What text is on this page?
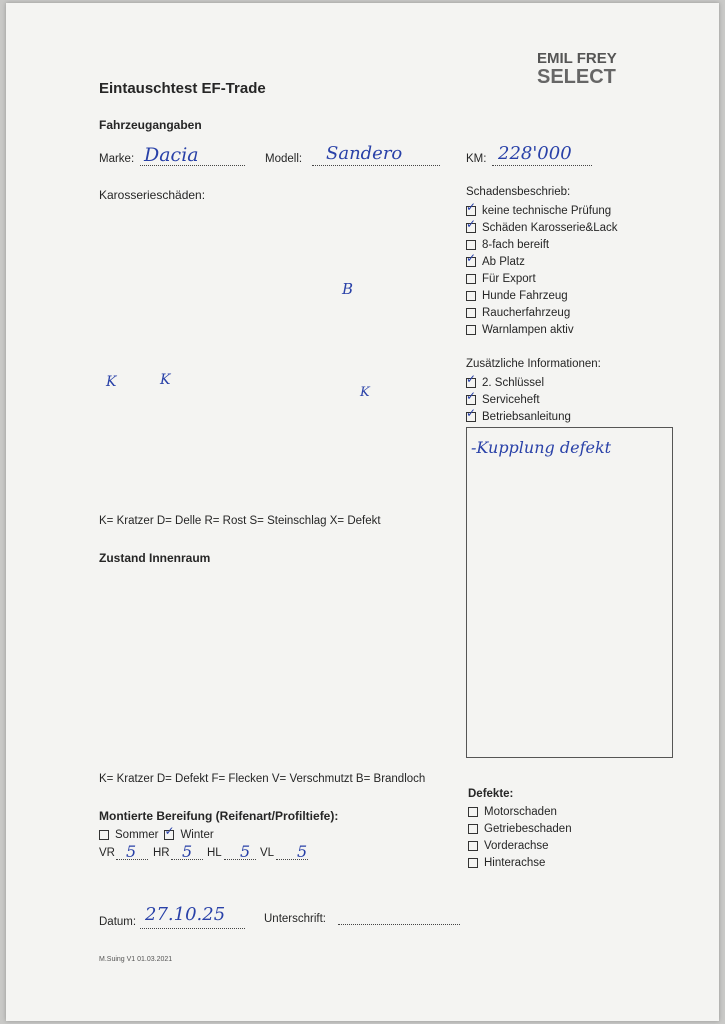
Emil Frey
EMIL FREY
SELECT
Eintauschtest EF-Trade
Fahrzeugangaben
Marke: Dacia	Modell: Sandero	KM: 228'000
Karosserieschäden:
K	K
B
K
K= Kratzer D= Delle R= Rost S= Steinschlag X= Defekt
Schadensbeschrieb:
✓
keine technische Prüfung
✓
Schäden Karosserie&Lack
8-fach bereift
✓
Ab Platz
Für Export
Hunde Fahrzeug
Raucherfahrzeug
Warnlampen aktiv
Zusätzliche Informationen:
✓
2. Schlüssel
✓
Serviceheft
✓
Betriebsanleitung
-Kupplung defekt
Zustand Innenraum
K= Kratzer D= Defekt F= Flecken V= Verschmutzt B= Brandloch
Montierte Bereifung (Reifenart/Profiltiefe):
Sommer
✓ Winter
VR 5 HR 5 HL 5 VL 5
Defekte:
Motorschaden
Getriebeschaden
Vorderachse
Hinterachse
Datum: 27.10.25	Unterschrift:
M.Suing V1 01.03.2021
